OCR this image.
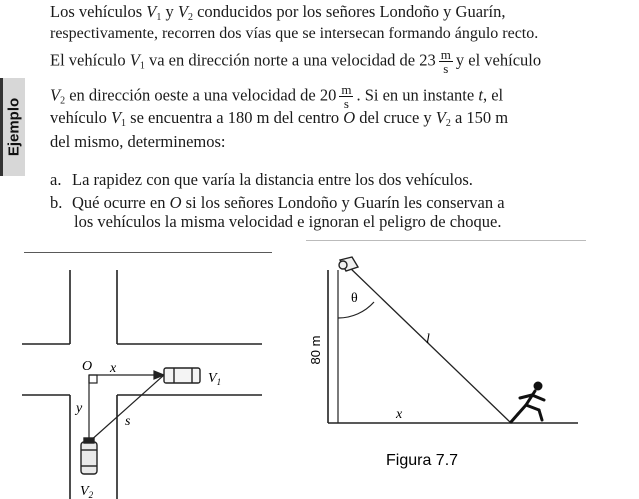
Ejemplo
Los vehículos $V_1$ y $V_2$ conducidos por los señores Londoño y Guarín,
respectivamente, recorren dos vías que se intersecan formando ángulo recto.
El vehículo $V_1$ va en dirección norte a una velocidad de $23 \frac{m}{s}$ y el vehículo
$V_2$ en dirección oeste a una velocidad de $20 \frac{m}{s}$ . Si en un instante t, el
vehículo $V_1$ se encuentra a 180 m del centro O del cruce y $V_2$ a 150 m
del mismo, determinemos:
a. La rapidez con que varía la distancia entre los dos vehículos.
b. Qué ocurre en O si los señores Londoño y Guarín les conservan a
los vehículos la misma velocidad e ignoran el peligro de choque.
O x
y
s
$V_1$
$V_2$
θ
l
x
80 m
Figura 7.7
